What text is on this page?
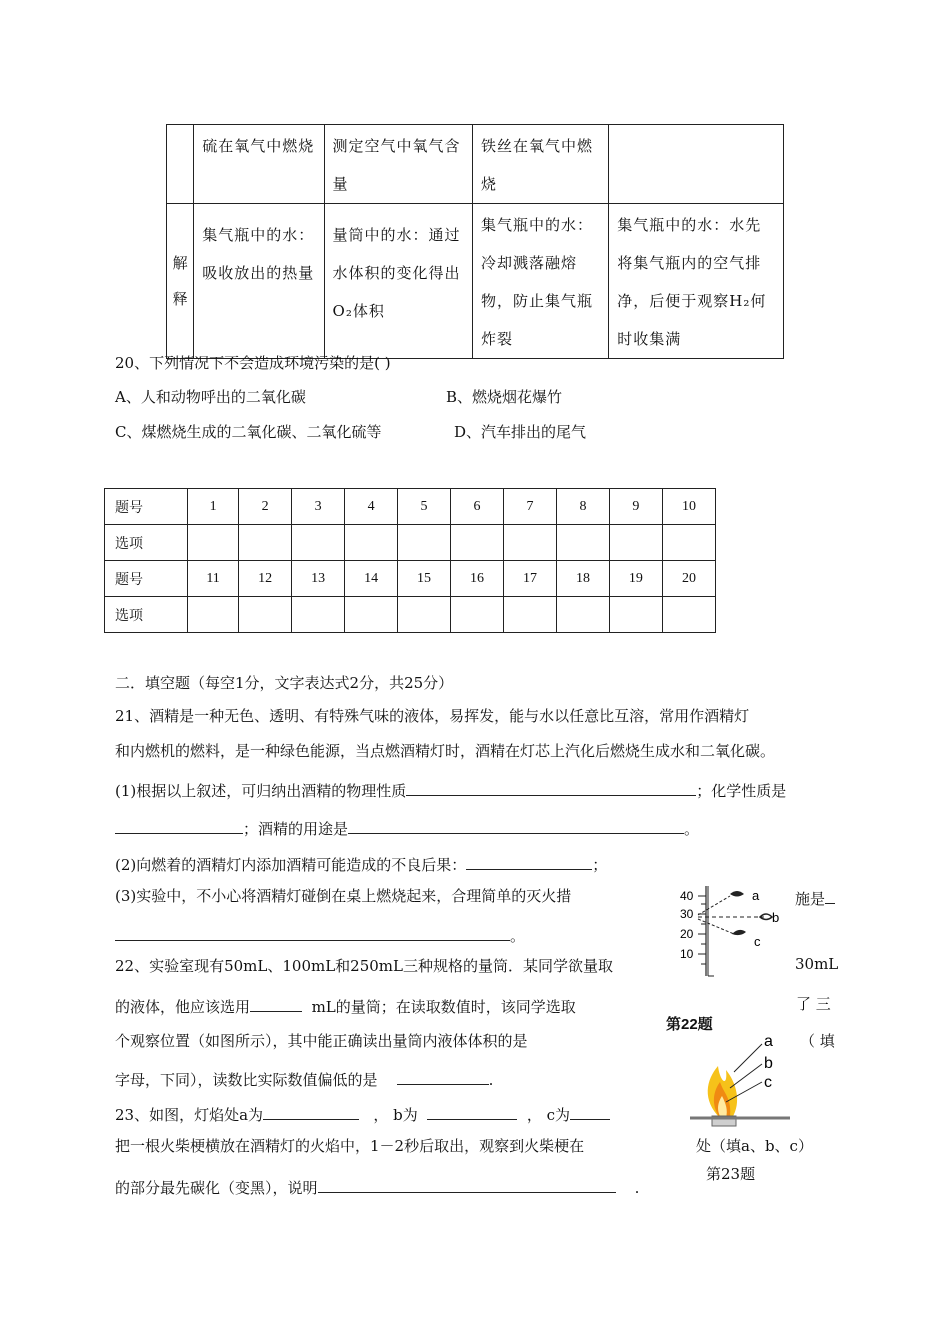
	硫在氧气中燃烧	测定空气中氧气含量	铁丝在氧气中燃烧	

解释	集气瓶中的水：吸收放出的热量	量筒中的水：通过水体积的变化得出O₂体积	集气瓶中的水：冷却溅落融熔物，防止集气瓶炸裂	集气瓶中的水：水先将集气瓶内的空气排净，后便于观察H₂何时收集满
20、下列情况下不会造成环境污染的是( )
A、人和动物呼出的二氧化碳	B、燃烧烟花爆竹
C、煤燃烧生成的二氧化碳、二氧化硫等	D、汽车排出的尾气
题号	1	2	3	4	5	6	7	8	9	10
选项										
题号	11	12	13	14	15	16	17	18	19	20
选项										
二．填空题（每空1分，文字表达式2分，共25分）
21、酒精是一种无色、透明、有特殊气味的液体，易挥发，能与水以任意比互溶，常用作酒精灯
和内燃机的燃料，是一种绿色能源，当点燃酒精灯时，酒精在灯芯上汽化后燃烧生成水和二氧化碳。
(1)根据以上叙述，可归纳出酒精的物理性质	；化学性质是
；酒精的用途是	。
(2)向燃着的酒精灯内添加酒精可能造成的不良后果：	；
(3)实验中，不小心将酒精灯碰倒在桌上燃烧起来，合理简单的灭火措	施是
。
40
30
20
10
a
b
c
22、实验室现有50mL、100mL和250mL三种规格的量筒．某同学欲量取	30mL
的液体，他应该选用	mL的量筒；在读取数值时，该同学选取	了 三
第22题
个观察位置（如图所示），其中能正确读出量筒内液体体积的是	（ 填
字母，下同），读数比实际数值偏低的是	.
a
b
c
23、如图，灯焰处a为	， b为	， c为
把一根火柴梗横放在酒精灯的火焰中，1－2秒后取出，观察到火柴梗在	处（填a、b、c）
第23题
的部分最先碳化（变黑），说明	.
